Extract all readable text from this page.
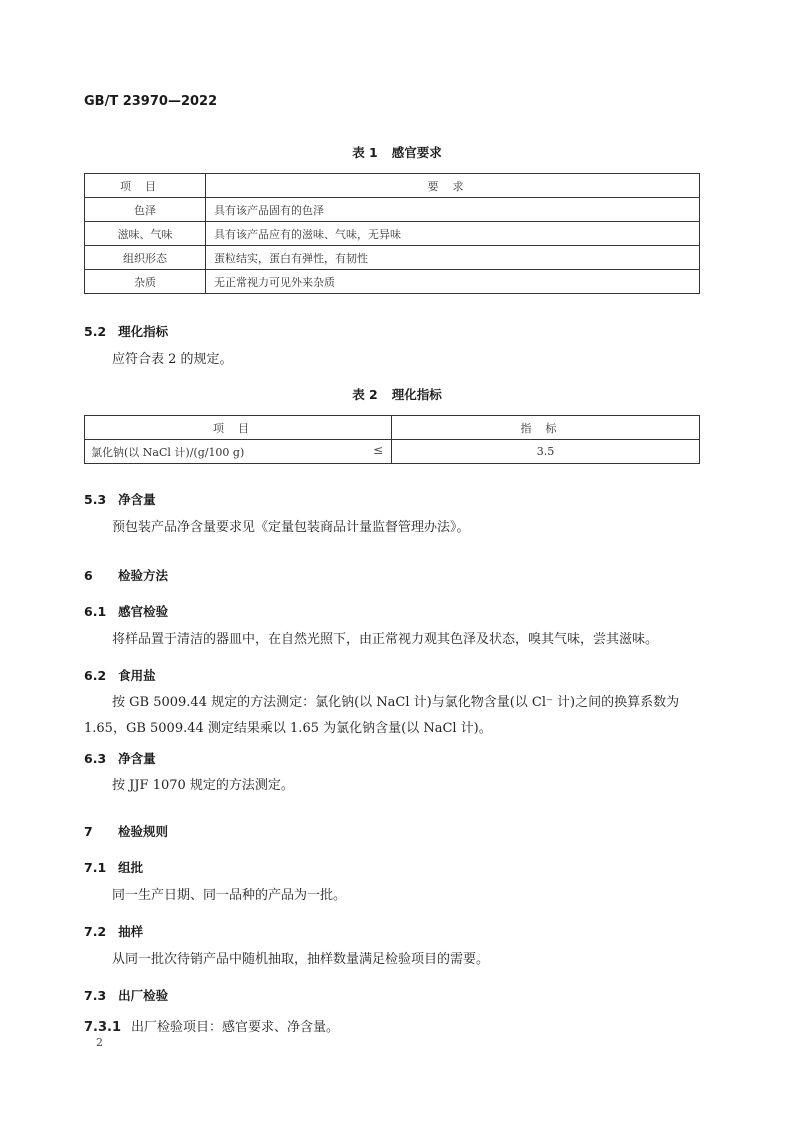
GB/T 23970—2022
表 1 感官要求
项目	要求
色泽	具有该产品固有的色泽
滋味、气味	具有该产品应有的滋味、气味，无异味
组织形态	蛋粒结实，蛋白有弹性，有韧性
杂质	无正常视力可见外来杂质
5.2 理化指标
应符合表 2 的规定。
表 2 理化指标
项目	指标
氯化钠(以 NaCl 计)/(g/100 g) ≤	3.5
5.3 净含量
预包装产品净含量要求见《定量包装商品计量监督管理办法》。
6 检验方法
6.1 感官检验
将样品置于清洁的器皿中，在自然光照下，由正常视力观其色泽及状态，嗅其气味，尝其滋味。
6.2 食用盐
按 GB 5009.44 规定的方法测定：氯化钠(以 NaCl 计)与氯化物含量(以 Cl⁻ 计)之间的换算系数为 1.65，GB 5009.44 测定结果乘以 1.65 为氯化钠含量(以 NaCl 计)。
6.3 净含量
按 JJF 1070 规定的方法测定。
7 检验规则
7.1 组批
同一生产日期、同一品种的产品为一批。
7.2 抽样
从同一批次待销产品中随机抽取，抽样数量满足检验项目的需要。
7.3 出厂检验
7.3.1 出厂检验项目：感官要求、净含量。
2
